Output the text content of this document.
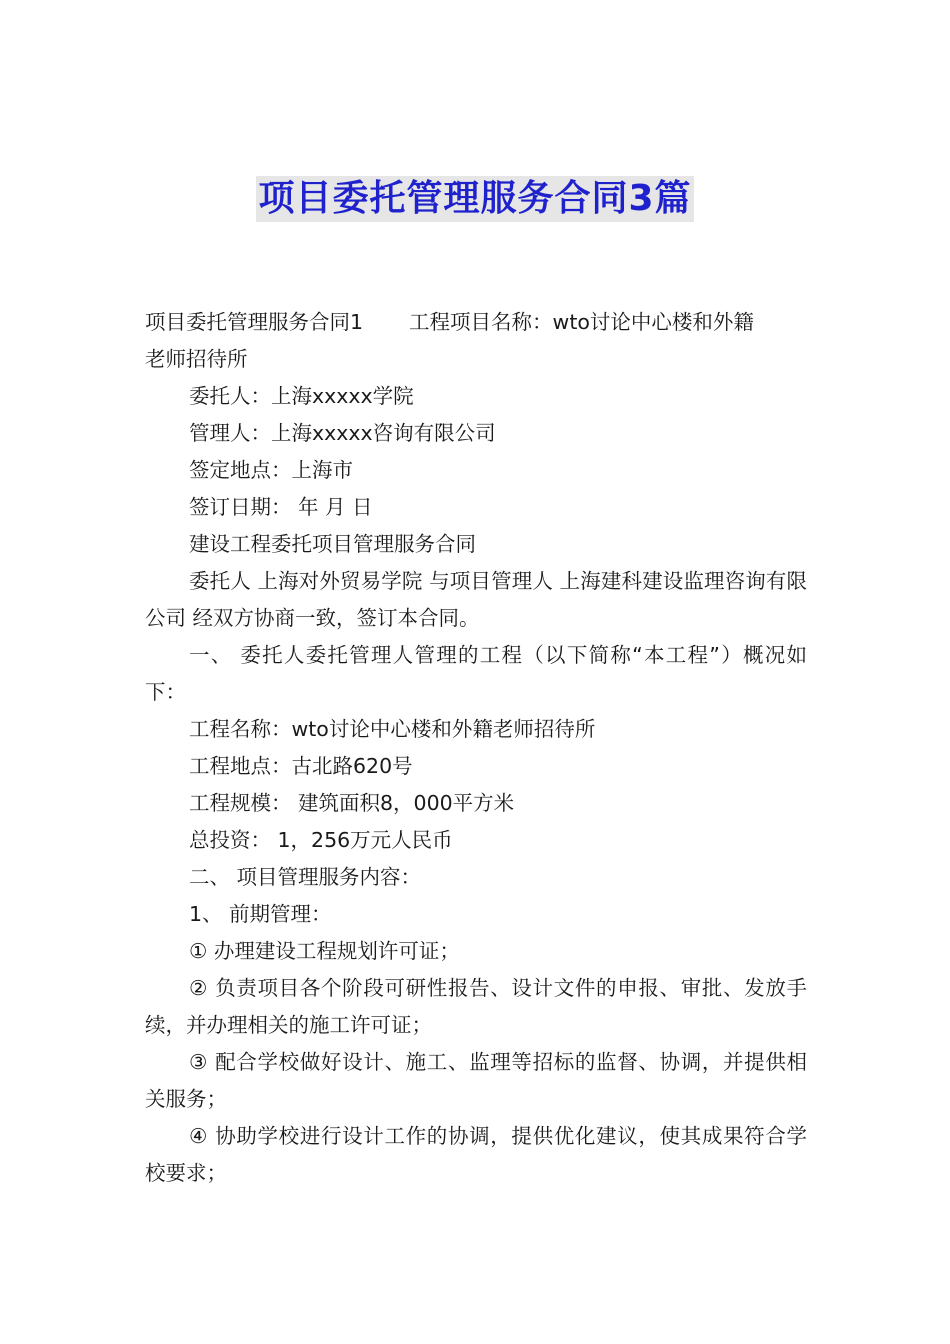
项目委托管理服务合同3篇

项目委托管理服务合同1 工程项目名称：wto讨论中心楼和外籍

老师招待所

委托人：上海xxxxx学院

管理人：上海xxxxx咨询有限公司

签定地点：上海市

签订日期： 年 月 日

建设工程委托项目管理服务合同

委托人 上海对外贸易学院 与项目管理人 上海建科建设监理咨询有限公司 经双方协商一致，签订本合同。

一、 委托人委托管理人管理的工程（以下简称“本工程”）概况如下：

工程名称：wto讨论中心楼和外籍老师招待所

工程地点：古北路620号

工程规模： 建筑面积8，000平方米

总投资： 1，256万元人民币

二、 项目管理服务内容：

1、 前期管理：

① 办理建设工程规划许可证；

② 负责项目各个阶段可研性报告、设计文件的申报、审批、发放手续，并办理相关的施工许可证；

③ 配合学校做好设计、施工、监理等招标的监督、协调，并提供相关服务；

④ 协助学校进行设计工作的协调，提供优化建议，使其成果符合学校要求；
